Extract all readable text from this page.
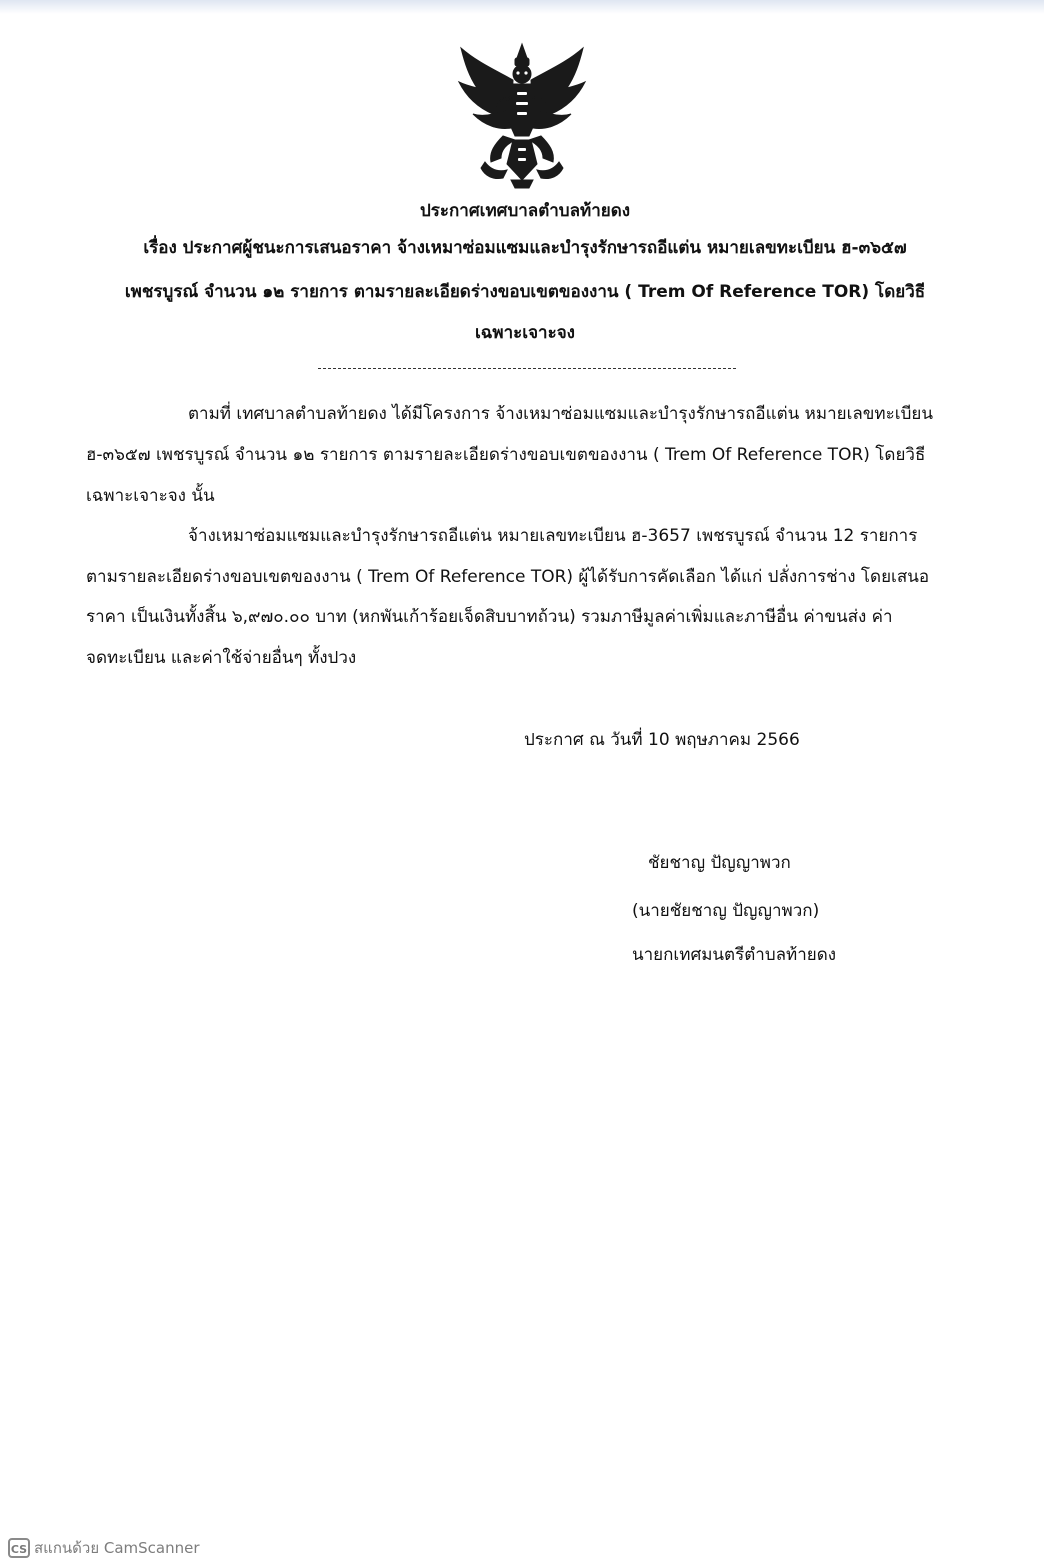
ประกาศเทศบาลตำบลท้ายดง
เรื่อง ประกาศผู้ชนะการเสนอราคา จ้างเหมาซ่อมแซมและบำรุงรักษารถอีแต่น หมายเลขทะเบียน ฮ-๓๖๕๗
เพชรบูรณ์ จำนวน ๑๒ รายการ ตามรายละเอียดร่างขอบเขตของงาน ( Trem Of Reference TOR) โดยวิธี
เฉพาะเจาะจง
ตามที่ เทศบาลตำบลท้ายดง ได้มีโครงการ จ้างเหมาซ่อมแซมและบำรุงรักษารถอีแต่น หมายเลขทะเบียน
ฮ-๓๖๕๗ เพชรบูรณ์ จำนวน ๑๒ รายการ ตามรายละเอียดร่างขอบเขตของงาน ( Trem Of Reference TOR) โดยวิธี
เฉพาะเจาะจง นั้น
จ้างเหมาซ่อมแซมและบำรุงรักษารถอีแต่น หมายเลขทะเบียน ฮ-3657 เพชรบูรณ์ จำนวน 12 รายการ
ตามรายละเอียดร่างขอบเขตของงาน ( Trem Of Reference TOR) ผู้ได้รับการคัดเลือก ได้แก่ ปลั่งการช่าง โดยเสนอ
ราคา เป็นเงินทั้งสิ้น ๖,๙๗๐.๐๐ บาท (หกพันเก้าร้อยเจ็ดสิบบาทถ้วน) รวมภาษีมูลค่าเพิ่มและภาษีอื่น ค่าขนส่ง ค่า
จดทะเบียน และค่าใช้จ่ายอื่นๆ ทั้งปวง
ประกาศ ณ วันที่ 10 พฤษภาคม 2566
ชัยชาญ ปัญญาพวก
(นายชัยชาญ ปัญญาพวก)
นายกเทศมนตรีตำบลท้ายดง
CS สแกนด้วย CamScanner
